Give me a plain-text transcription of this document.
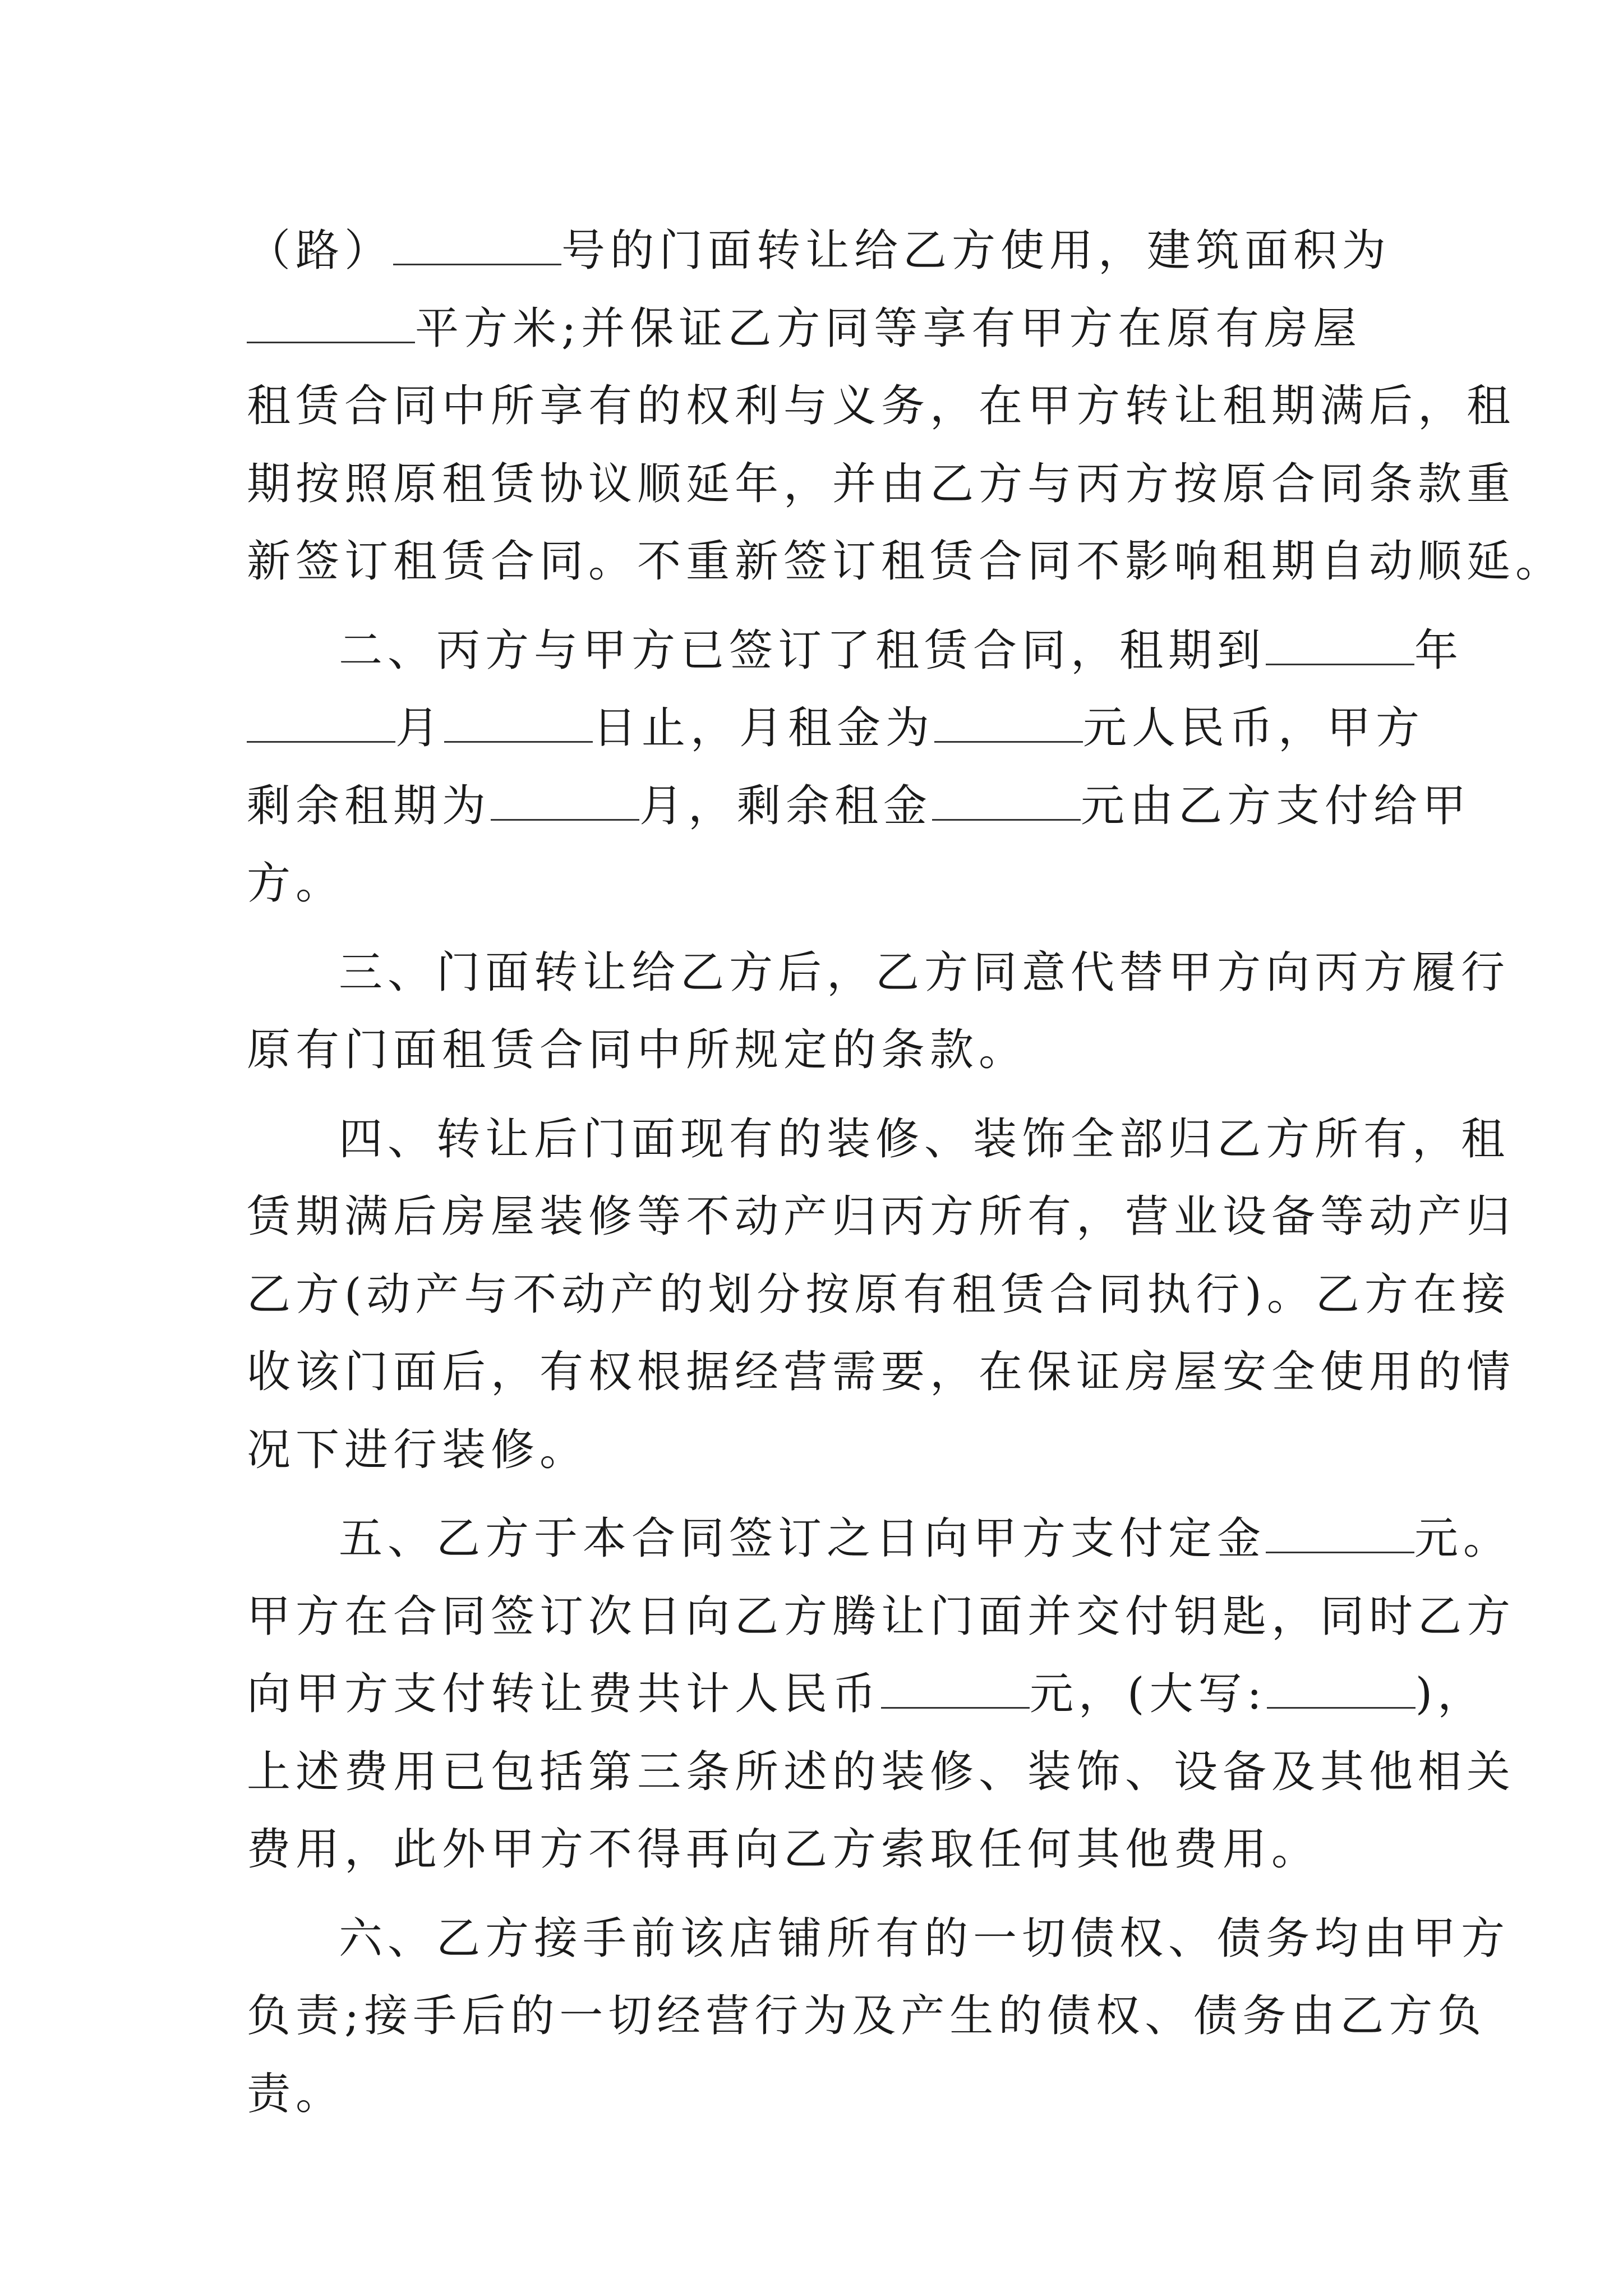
（路）	号的门面转让给乙方使用，建筑面积为
平方米;并保证乙方同等享有甲方在原有房屋
租赁合同中所享有的权利与义务，在甲方转让租期满后，租
期按照原租赁协议顺延年，并由乙方与丙方按原合同条款重
新签订租赁合同。不重新签订租赁合同不影响租期自动顺延。
二、丙方与甲方已签订了租赁合同，租期到	年
月	日止，月租金为	元人民币，甲方
剩余租期为	月，剩余租金	元由乙方支付给甲
方。
三、门面转让给乙方后，乙方同意代替甲方向丙方履行
原有门面租赁合同中所规定的条款。
四、转让后门面现有的装修、装饰全部归乙方所有，租
赁期满后房屋装修等不动产归丙方所有，营业设备等动产归
乙方(动产与不动产的划分按原有租赁合同执行)。乙方在接
收该门面后，有权根据经营需要，在保证房屋安全使用的情
况下进行装修。
五、乙方于本合同签订之日向甲方支付定金	元。
甲方在合同签订次日向乙方腾让门面并交付钥匙，同时乙方
向甲方支付转让费共计人民币	元，(大写:	)，
上述费用已包括第三条所述的装修、装饰、设备及其他相关
费用，此外甲方不得再向乙方索取任何其他费用。
六、乙方接手前该店铺所有的一切债权、债务均由甲方
负责;接手后的一切经营行为及产生的债权、债务由乙方负
责。
